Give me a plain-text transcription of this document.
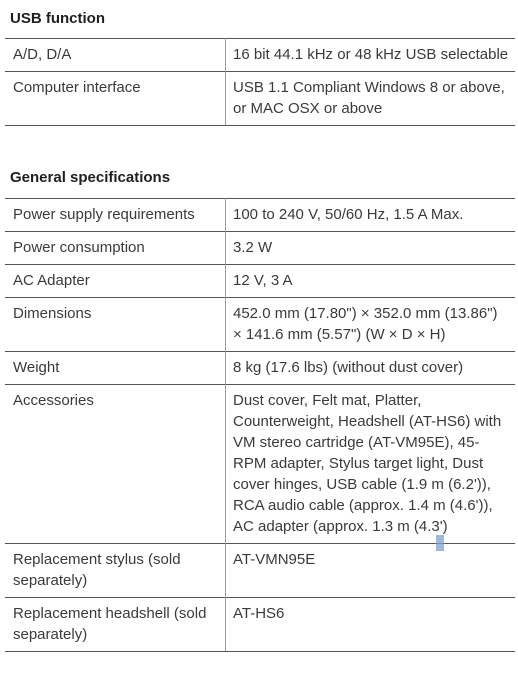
USB function
A/D, D/A	16 bit 44.1 kHz or 48 kHz USB selectable
Computer interface	USB 1.1 Compliant Windows 8 or above, or MAC OSX or above
General specifications
Power supply requirements	100 to 240 V, 50/60 Hz, 1.5 A Max.
Power consumption	3.2 W
AC Adapter	12 V, 3 A
Dimensions	452.0 mm (17.80") × 352.0 mm (13.86") × 141.6 mm (5.57") (W × D × H)
Weight	8 kg (17.6 lbs) (without dust cover)
Accessories	Dust cover, Felt mat, Platter, Counterweight, Headshell (AT-HS6) with VM stereo cartridge (AT-VM95E), 45-RPM adapter, Stylus target light, Dust cover hinges, USB cable (1.9 m (6.2')), RCA audio cable (approx. 1.4 m (4.6')), AC adapter (approx. 1.3 m (4.3')
Replacement stylus (sold separately)	AT-VMN95E
Replacement headshell (sold separately)	AT-HS6
